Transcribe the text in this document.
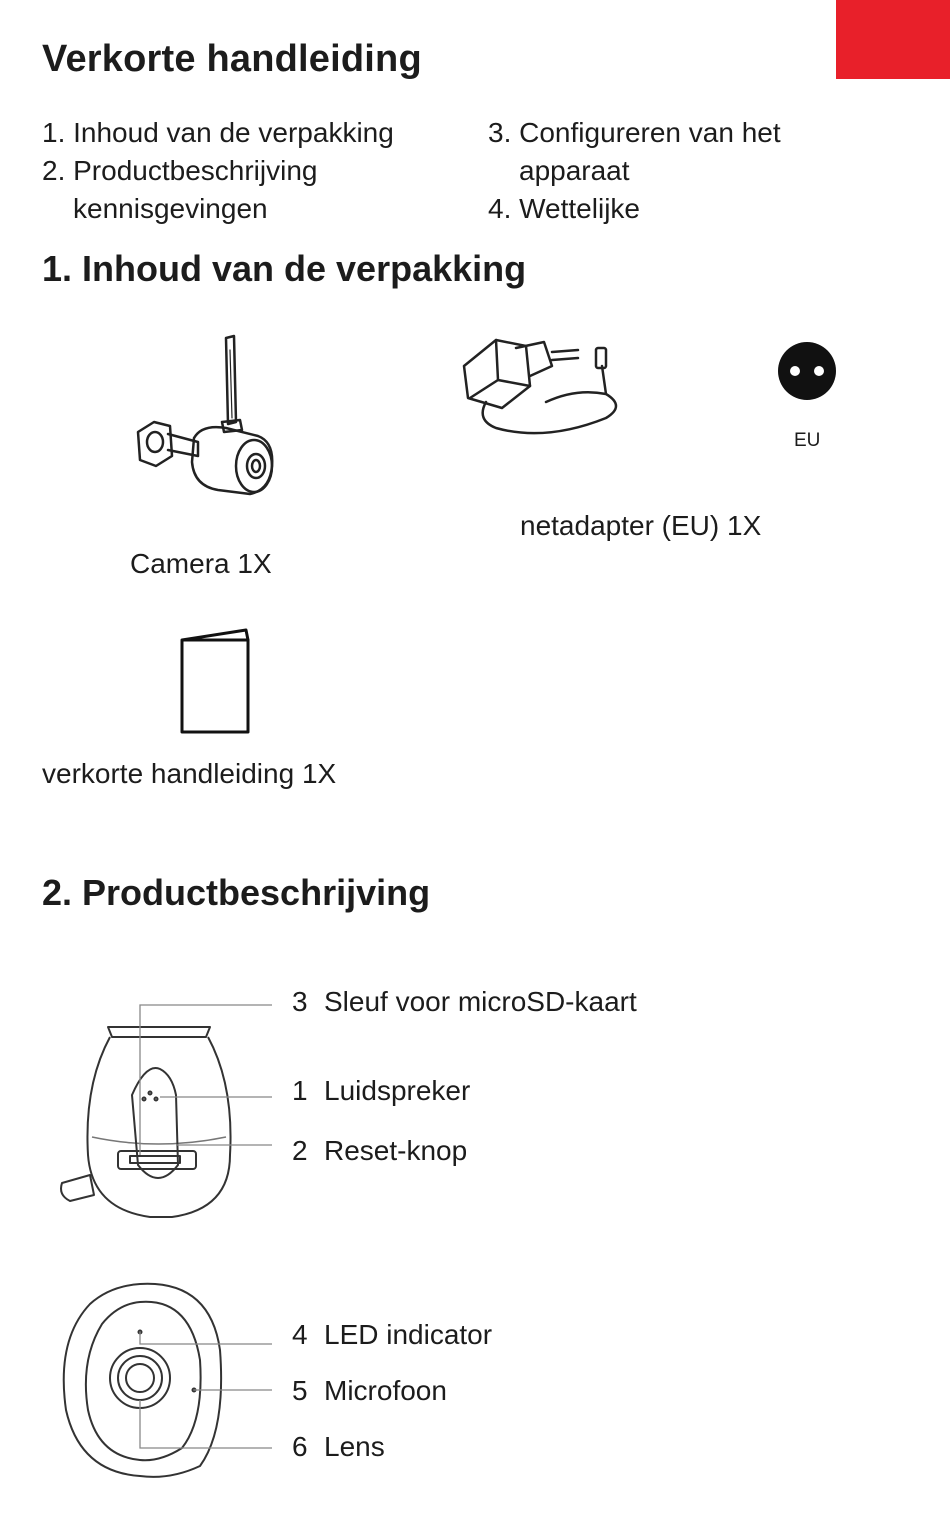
Verkorte handleiding
1. Inhoud van de verpakking
2. Productbeschrijving
kennisgevingen
3. Configureren van het
apparaat
4. Wettelijke
1. Inhoud van de verpakking
EU
Camera 1X
netadapter (EU) 1X
verkorte handleiding 1X
2. Productbeschrijving
3 Sleuf voor microSD-kaart
1 Luidspreker
2 Reset-knop
4 LED indicator
5 Microfoon
6 Lens
